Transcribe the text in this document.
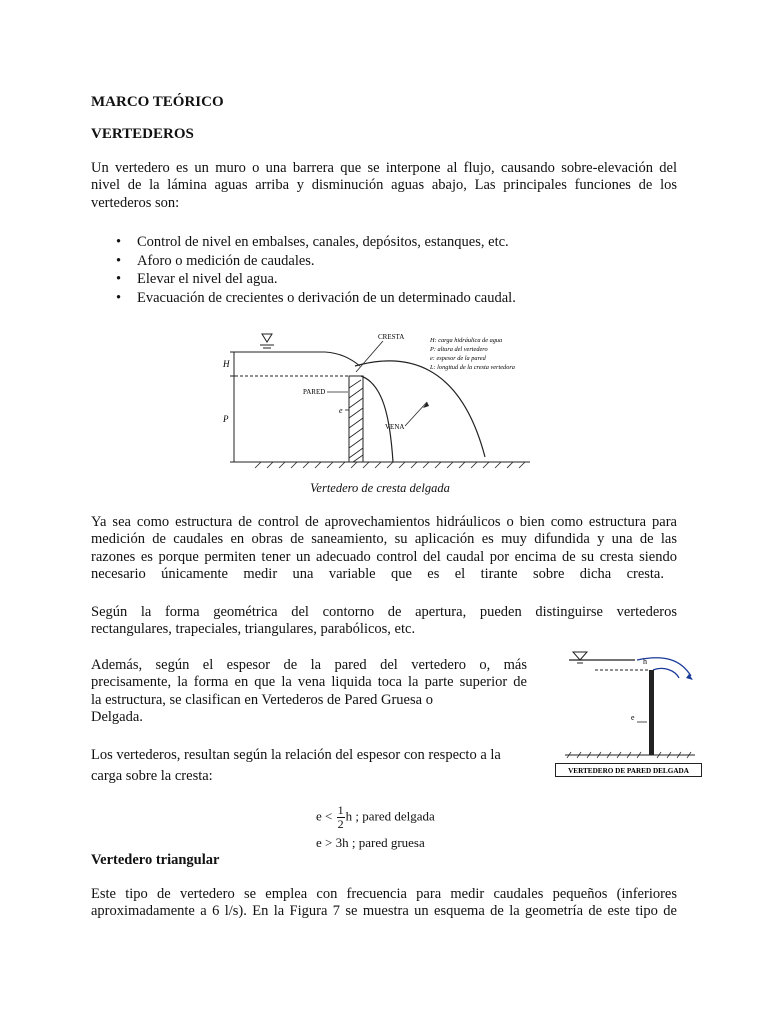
MARCO TEÓRICO
VERTEDEROS
Un vertedero es un muro o una barrera que se interpone al flujo, causando sobre-elevación del
nivel de la lámina aguas arriba y disminución aguas abajo, Las principales funciones de los
vertederos son:
• Control de nivel en embalses, canales, depósitos, estanques, etc.
• Aforo o medición de caudales.
• Elevar el nivel del agua.
• Evacuación de crecientes o derivación de un determinado caudal.
H
P
CRESTA
PARED
e
VENA
H: carga hidráulica de agua
P: altura del vertedero
e: espesor de la pared
L: longitud de la cresta vertedora
Vertedero de cresta delgada
Ya sea como estructura de control de aprovechamientos hidráulicos o bien como estructura para
medición de caudales en obras de saneamiento, su aplicación es muy difundida y una de las
razones es porque permiten tener un adecuado control del caudal por encima de su cresta siendo
necesario únicamente medir una variable que es el tirante sobre dicha cresta.
Según la forma geométrica del contorno de apertura, pueden distinguirse vertederos
rectangulares, trapeciales, triangulares, parabólicos, etc.
Además, según el espesor de la pared del vertedero o, más
precisamente, la forma en que la vena liquida toca la parte superior de
la estructura, se clasifican en Vertederos de Pared Gruesa o
Delgada.
Los vertederos, resultan según la relación del espesor con respecto a la
carga sobre la cresta:
h
e
VERTEDERO DE PARED DELGADA
$e < \frac{1}{2}$ h ; pared delgada
e > 3h ; pared gruesa
Vertedero triangular
Este tipo de vertedero se emplea con frecuencia para medir caudales pequeños (inferiores
aproximadamente a 6 l/s). En la Figura 7 se muestra un esquema de la geometría de este tipo de
